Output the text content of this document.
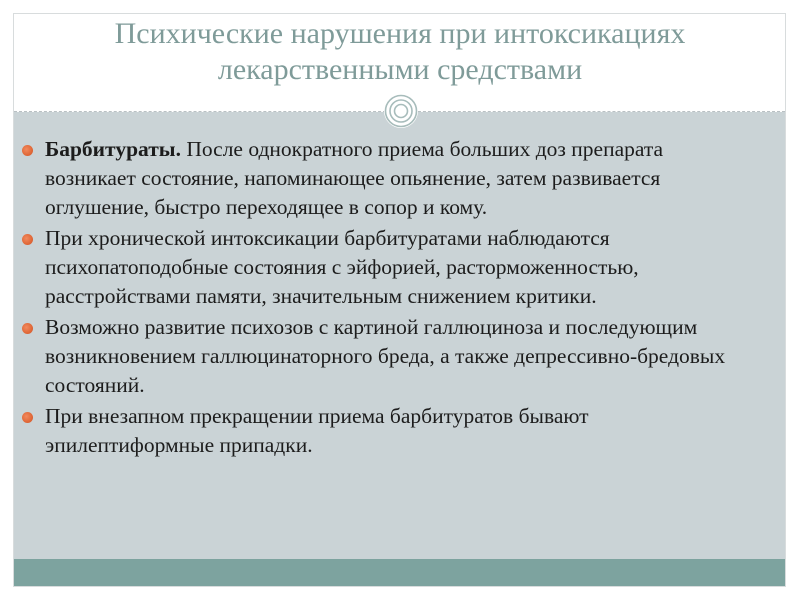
Психические нарушения при интоксикациях
лекарственными средствами
Барбитураты. После однократного приема больших доз препарата возникает состояние, напоминающее опьянение, затем развивается оглушение, быстро переходящее в сопор и кому.
При хронической интоксикации барбитуратами наблюдаются психопатоподобные состояния с эйфорией, расторможенностью, расстройствами памяти, значительным снижением критики.
Возможно развитие психозов с картиной галлюциноза и последующим возникновением галлюцинаторного бреда, а также депрессивно-бредовых состояний.
При внезапном прекращении приема барбитуратов бывают эпилептиформные припадки.
